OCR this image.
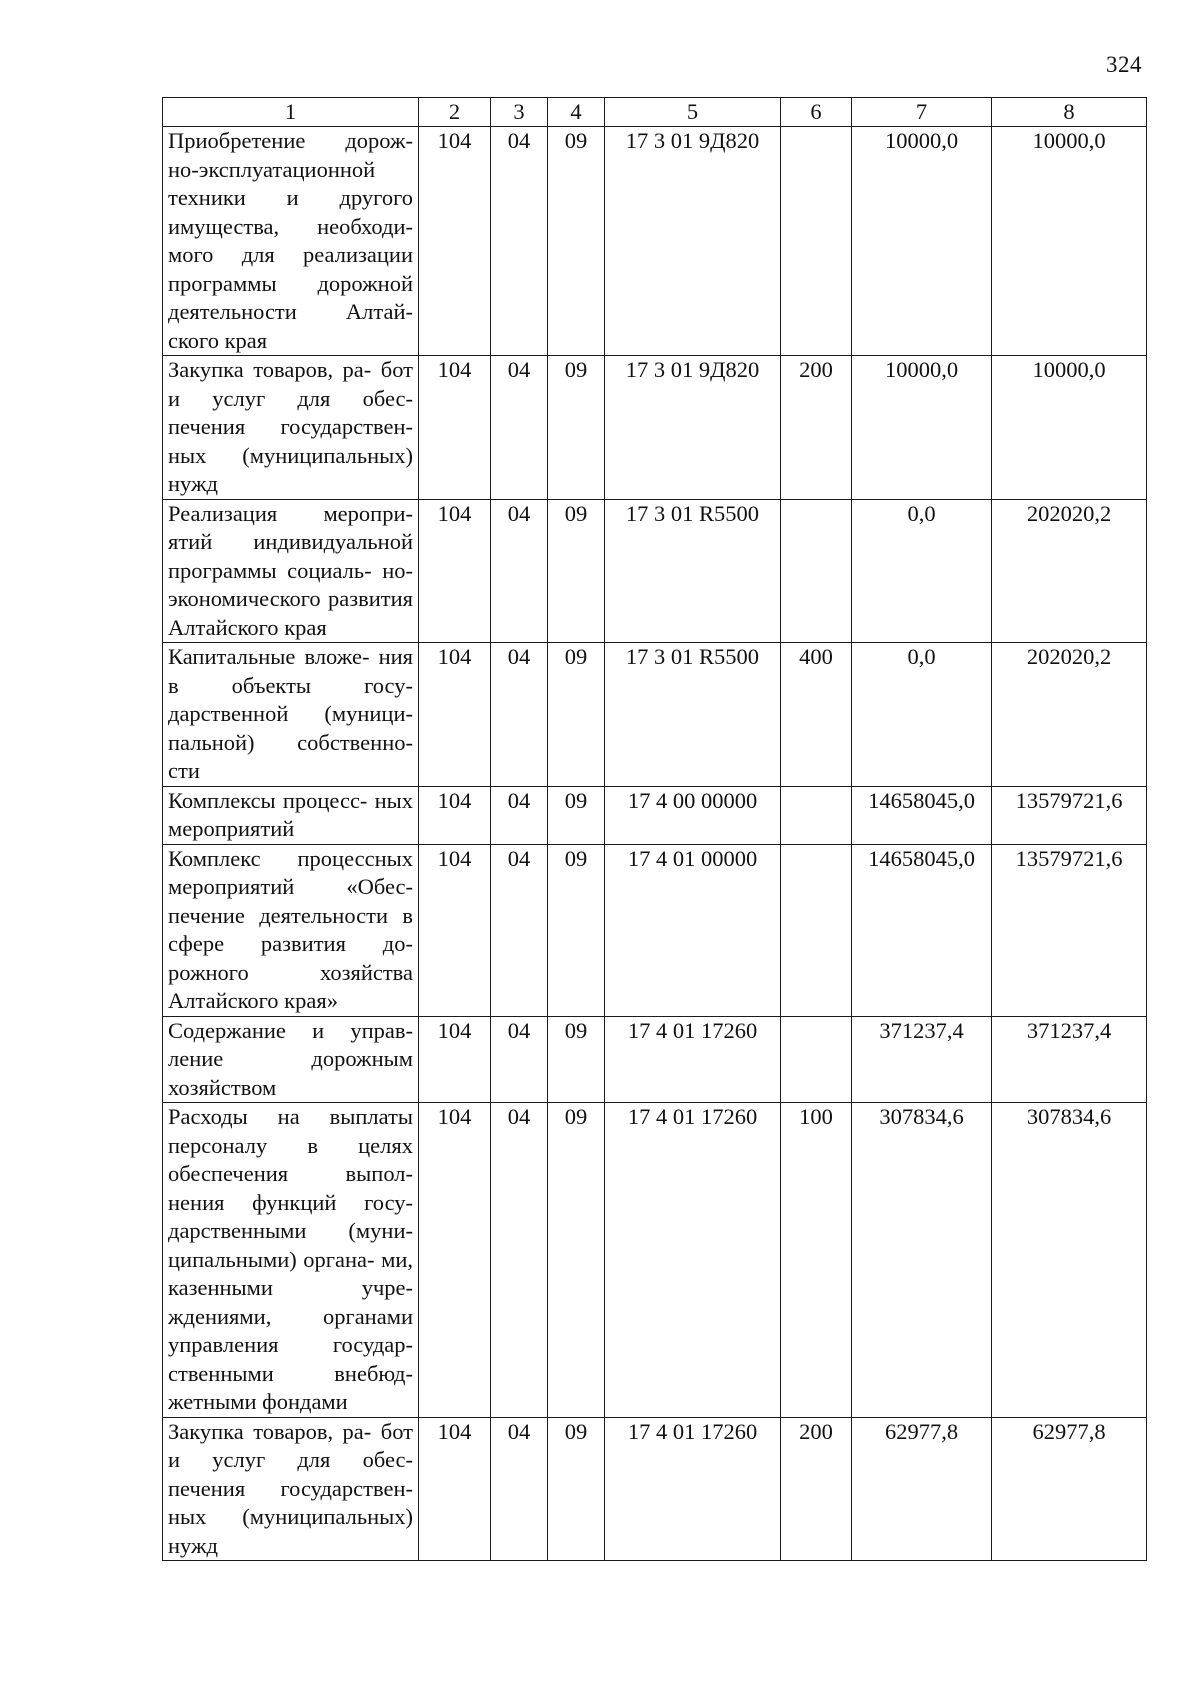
324
1	2	3	4	5	6	7	8
Приобретение дорож- но-эксплуатационной техники и другого имущества, необходи- мого для реализации программы дорожной деятельности Алтай- ского края	104	04	09	17 3 01 9Д820		10000,0	10000,0
Закупка товаров, ра- бот и услуг для обес- печения государствен- ных (муниципальных) нужд	104	04	09	17 3 01 9Д820	200	10000,0	10000,0
Реализация меропри- ятий индивидуальной программы социаль- но-экономического развития Алтайского края	104	04	09	17 3 01 R5500		0,0	202020,2
Капитальные вложе- ния в объекты госу- дарственной (муници- пальной) собственно- сти	104	04	09	17 3 01 R5500	400	0,0	202020,2
Комплексы процесс- ных мероприятий	104	04	09	17 4 00 00000		14658045,0	13579721,6
Комплекс процессных мероприятий «Обес- печение деятельности в сфере развития до- рожного хозяйства Алтайского края»	104	04	09	17 4 01 00000		14658045,0	13579721,6
Содержание и управ- ление дорожным хозяйством	104	04	09	17 4 01 17260		371237,4	371237,4
Расходы на выплаты персоналу в целях обеспечения выпол- нения функций госу- дарственными (муни- ципальными) органа- ми, казенными учре- ждениями, органами управления государ- ственными внебюд- жетными фондами	104	04	09	17 4 01 17260	100	307834,6	307834,6
Закупка товаров, ра- бот и услуг для обес- печения государствен- ных (муниципальных) нужд	104	04	09	17 4 01 17260	200	62977,8	62977,8
